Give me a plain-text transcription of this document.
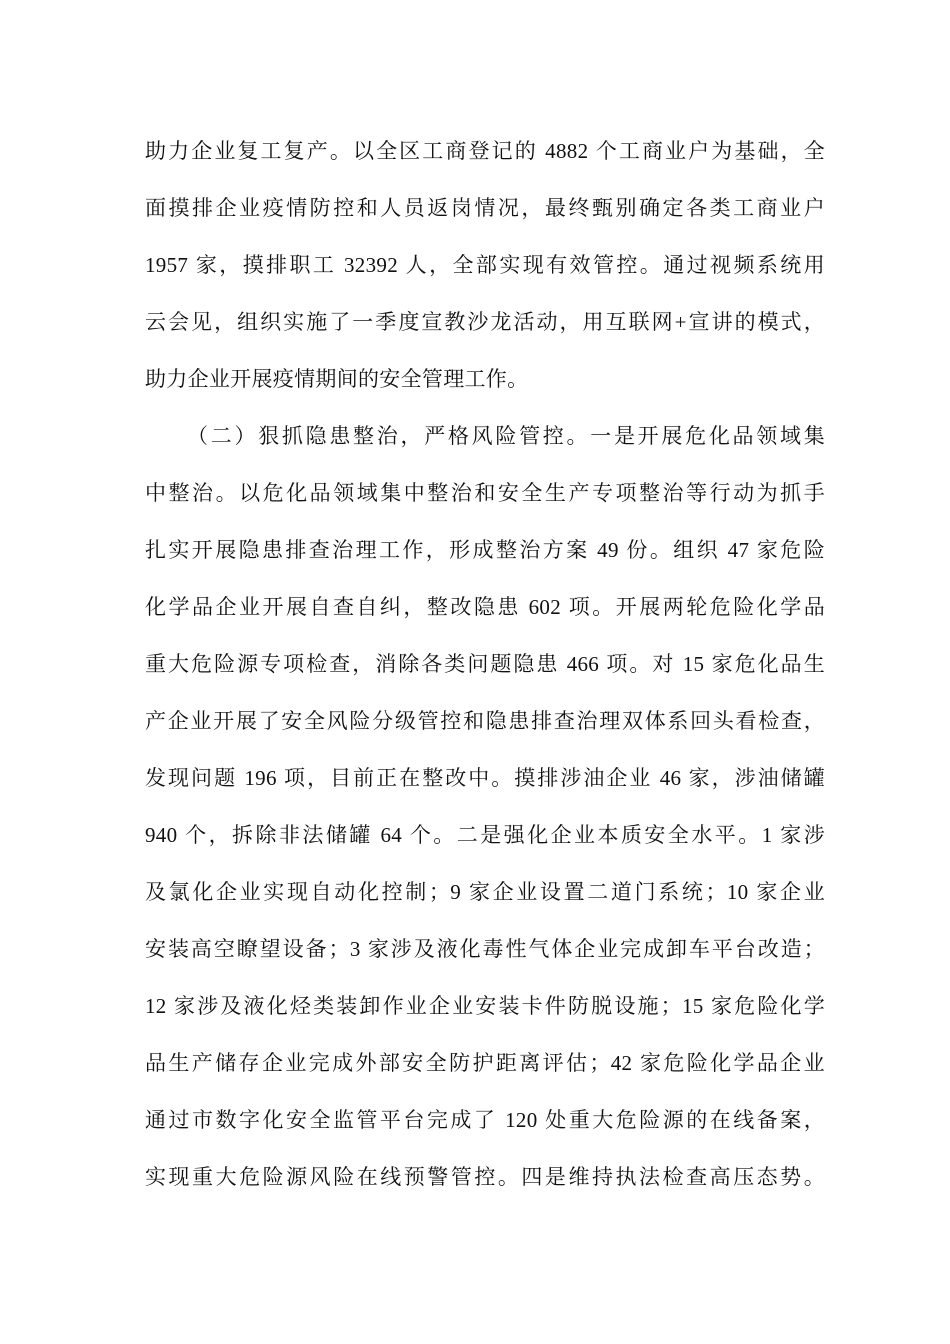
助力企业复工复产。以全区工商登记的 4882 个工商业户为基础，全
面摸排企业疫情防控和人员返岗情况，最终甄别确定各类工商业户
1957 家，摸排职工 32392 人，全部实现有效管控。通过视频系统用
云会见，组织实施了一季度宣教沙龙活动，用互联网+宣讲的模式，
助力企业开展疫情期间的安全管理工作。
（二）狠抓隐患整治，严格风险管控。一是开展危化品领域集
中整治。以危化品领域集中整治和安全生产专项整治等行动为抓手
扎实开展隐患排查治理工作，形成整治方案 49 份。组织 47 家危险
化学品企业开展自查自纠，整改隐患 602 项。开展两轮危险化学品
重大危险源专项检查，消除各类问题隐患 466 项。对 15 家危化品生
产企业开展了安全风险分级管控和隐患排查治理双体系回头看检查，
发现问题 196 项，目前正在整改中。摸排涉油企业 46 家，涉油储罐
940 个，拆除非法储罐 64 个。二是强化企业本质安全水平。1 家涉
及氯化企业实现自动化控制；9 家企业设置二道门系统；10 家企业
安装高空瞭望设备；3 家涉及液化毒性气体企业完成卸车平台改造；
12 家涉及液化烃类装卸作业企业安装卡件防脱设施；15 家危险化学
品生产储存企业完成外部安全防护距离评估；42 家危险化学品企业
通过市数字化安全监管平台完成了 120 处重大危险源的在线备案，
实现重大危险源风险在线预警管控。四是维持执法检查高压态势。
